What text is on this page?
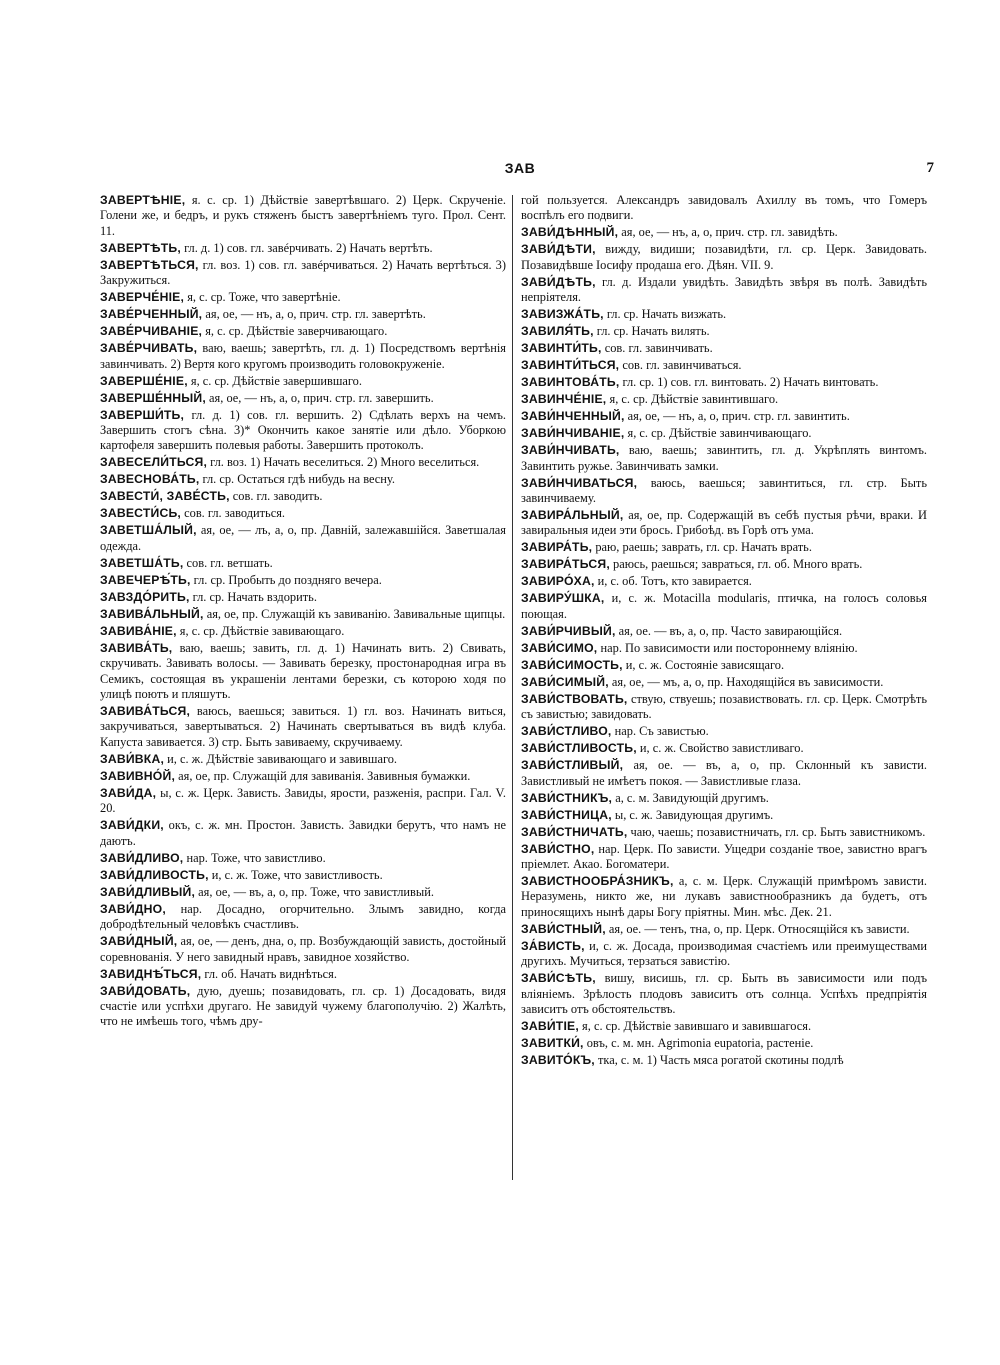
ЗАВ	7
ЗАВЕРТѢНІЕ, я. с. ср. 1) Дѣйствіе завертѣвшаго. 2) Церк. Скрученіе. Голени же, и бедръ, и рукъ стяженъ быстъ завертѣніемъ тугo. Прол. Сент. 11.
ЗАВЕРТѢТЬ, гл. д. 1) сов. гл. завéрчивать. 2) Начать вертѣть.
ЗАВЕРТѢТЬСЯ, гл. воз. 1) сов. гл. завéрчиваться. 2) Начать вертѣться. 3) Закружиться.
ЗАВЕРЧЕ́НІЕ, я, с. ср. Тоже, что завертѣніе.
ЗАВЕ́РЧЕННЫЙ, ая, ое, — нъ, а, о, прич. стр. гл. завертѣть.
ЗАВЕ́РЧИВАНІЕ, я, с. ср. Дѣйствіе заверчивающаго.
ЗАВЕ́РЧИВАТЬ, ваю, ваешь; завертѣть, гл. д. 1) Посредствомъ вертѣнія завинчивать. 2) Вертя кого кругомъ производить головокруженіе.
ЗАВЕРШЕ́НІЕ, я, с. ср. Дѣйствіе завершившаго.
ЗАВЕРШЕ́ННЫЙ, ая, ое, — нъ, а, о, прич. стр. гл. завершить.
ЗАВЕРШИ́ТЬ, гл. д. 1) сов. гл. вершить. 2) Сдѣлать верхъ на чемъ. Завершить стогъ сѣна. 3)* Окончить какое занятіе или дѣло. Уборкою картофеля завершить полевыя работы. Завершить протоколъ.
ЗАВЕСЕЛИ́ТЬСЯ, гл. воз. 1) Начать веселиться. 2) Много веселиться.
ЗАВЕСНОВА́ТЬ, гл. ср. Остаться гдѣ нибудь на весну.
ЗАВЕСТИ́, ЗАВЕ́СТЬ, сов. гл. заводить.
ЗАВЕСТИ́СЬ, сов. гл. заводиться.
ЗАВЕТША́ЛЫЙ, ая, ое, — лъ, а, о, пр. Давній, залежавшійся. Заветшалая одежда.
ЗАВЕТША́ТЬ, сов. гл. ветшать.
ЗАВЕЧЕРѢ́ТЬ, гл. ср. Пробыть до поздняго вечера.
ЗАВЗДО́РИТЬ, гл. ср. Начать вздорить.
ЗАВИВА́ЛЬНЫЙ, ая, ое, пр. Служащій къ завиванію. Завивальные щипцы.
ЗАВИВА́НІЕ, я, с. ср. Дѣйствіе завивающаго.
ЗАВИВА́ТЬ, ваю, ваешь; завить, гл. д. 1) Начинать вить. 2) Свивать, скручивать. Завивать волосы. — Завивать березку, простонародная игра въ Семикъ, состоящая въ украшеніи лентами березки, съ которою ходя по улицѣ поютъ и пляшутъ.
ЗАВИВА́ТЬСЯ, ваюсь, ваешься; завиться. 1) гл. воз. Начинать виться, закручиваться, завертываться. 2) Начинать свертываться въ видѣ клуба. Капуста завивается. 3) стр. Быть завиваему, скручиваему.
ЗАВИ́ВКА, и, с. ж. Дѣйствіе завивающаго и завившаго.
ЗАВИВНО́Й, ая, ое, пр. Служащій для завиванія. Завивныя бумажки.
ЗАВИ́ДА, ы, с. ж. Церк. Зависть. Завиды, ярости, разженія, распри. Гал. V. 20.
ЗАВИ́ДКИ, окъ, с. ж. мн. Простон. Зависть. Завидки берутъ, что намъ не даютъ.
ЗАВИ́ДЛИВО, нар. Тоже, что завистливо.
ЗАВИ́ДЛИВОСТЬ, и, с. ж. Тоже, что завистливость.
ЗАВИ́ДЛИВЫЙ, ая, ое, — въ, а, о, пр. Тоже, что завистливый.
ЗАВИ́ДНО, нар. Досадно, огорчительно. Злымъ завидно, когда добродѣтельный человѣкъ счастливъ.
ЗАВИ́ДНЫЙ, ая, ое, — денъ, дна, о, пр. Возбуждающій зависть, достойный соревнованія. У него завидный нравъ, завидное хозяйство.
ЗАВИДНѢ́ТЬСЯ, гл. об. Начать виднѣться.
ЗАВИ́ДОВАТЬ, дую, дуешь; позавидовать, гл. ср. 1) Досадовать, видя счастіе или успѣхи другаго. Не завидуй чужему благополучію. 2) Жалѣть, что не имѣешь того, чѣмъ дру-
гой пользуется. Александръ завидовалъ Ахиллу въ томъ, что Гомеръ воспѣлъ его подвиги.
ЗАВИ́ДѢННЫЙ, ая, ое, — нъ, а, о, прич. стр. гл. завидѣть.
ЗАВИ́ДѢТИ, вижду, видиши; позавидѣти, гл. ср. Церк. Завидовать. Позавидѣвше Іосифу продаша его. Дѣян. VII. 9.
ЗАВИ́ДѢТЬ, гл. д. Издали увидѣть. Завидѣть звѣря въ полѣ. Завидѣть непріятеля.
ЗАВИЗЖА́ТЬ, гл. ср. Начать визжать.
ЗАВИЛЯ́ТЬ, гл. ср. Начать вилять.
ЗАВИНТИ́ТЬ, сов. гл. завинчивать.
ЗАВИНТИ́ТЬСЯ, сов. гл. завинчиваться.
ЗАВИНТОВА́ТЬ, гл. ср. 1) сов. гл. винтовать. 2) Начать винтовать.
ЗАВИНЧЕ́НІЕ, я, с. ср. Дѣйствіе завинтившаго.
ЗАВИ́НЧЕННЫЙ, ая, ое, — нъ, а, о, прич. стр. гл. завинтить.
ЗАВИ́НЧИВАНІЕ, я, с. ср. Дѣйствіе завинчивающаго.
ЗАВИ́НЧИВАТЬ, ваю, ваешь; завинтить, гл. д. Укрѣплять винтомъ. Завинтить ружье. Завинчивать замки.
ЗАВИ́НЧИВАТЬСЯ, ваюсь, ваешься; завинтиться, гл. стр. Быть завинчиваему.
ЗАВИРА́ЛЬНЫЙ, ая, ое, пр. Содержащій въ себѣ пустыя рѣчи, враки. И завиральныя идеи эти брось. Грибоѣд. въ Горѣ отъ ума.
ЗАВИРА́ТЬ, раю, раешь; заврать, гл. ср. Начать врать.
ЗАВИРА́ТЬСЯ, раюсь, раешься; завраться, гл. об. Много врать.
ЗАВИРО́ХА, и, с. об. Тотъ, кто завирается.
ЗАВИРУ́ШКА, и, с. ж. Motacilla modularis, птичка, на голосъ соловья поющая.
ЗАВИ́РЧИВЫЙ, ая, ое. — въ, а, о, пр. Часто завирающійся.
ЗАВИ́СИМО, нар. По зависимости или постороннему вліянію.
ЗАВИ́СИМОСТЬ, и, с. ж. Состояніе зависящаго.
ЗАВИ́СИМЫЙ, ая, ое, — мъ, а, о, пр. Находящійся въ зависимости.
ЗАВИ́СТВОВАТЬ, ствую, ствуешь; позавиствовать. гл. ср. Церк. Смотрѣть съ завистью; завидовать.
ЗАВИ́СТЛИВО, нар. Съ завистью.
ЗАВИ́СТЛИВОСТЬ, и, с. ж. Свойство завистливаго.
ЗАВИ́СТЛИВЫЙ, ая, ое. — въ, а, о, пр. Склонный къ зависти. Завистливый не имѣетъ покоя. — Завистливые глаза.
ЗАВИ́СТНИКЪ, а, с. м. Завидующій другимъ.
ЗАВИ́СТНИЦА, ы, с. ж. Завидующая другимъ.
ЗАВИ́СТНИЧАТЬ, чаю, чаешь; позавистничать, гл. ср. Быть завистникомъ.
ЗАВИ́СТНО, нар. Церк. По зависти. Ущедри созданіе твое, завистно врагъ пріемлет. Акао. Богоматери.
ЗАВИСТНООБРА́ЗНИКЪ, а, с. м. Церк. Служащій примѣромъ зависти. Неразумень, никто же, ни лукавъ завистнообразникъ да будетъ, отъ приносящихъ нынѣ дары Богу пріятны. Мин. мѣс. Дек. 21.
ЗАВИ́СТНЫЙ, ая, ое. — тенъ, тна, о, пр. Церк. Относящійся къ зависти.
ЗА́ВИСТЬ, и, с. ж. Досада, производимая счастіемъ или преимуществами другихъ. Мучиться, терзаться завистію.
ЗАВИ́СѢТЬ, вишу, висишь, гл. ср. Быть въ зависимости или подъ вліяніемъ. Зрѣлость плодовъ зависитъ отъ солнца. Успѣхъ предпріятія зависитъ отъ обстоятельствъ.
ЗАВИ́ТІЕ, я, с. ср. Дѣйствіе завившаго и завившагося.
ЗАВИТКИ́, овъ, с. м. мн. Agrimonia eupatoria, растеніе.
ЗАВИТО́КЪ, тка, с. м. 1) Часть мяса рогатой скотины подлѣ
